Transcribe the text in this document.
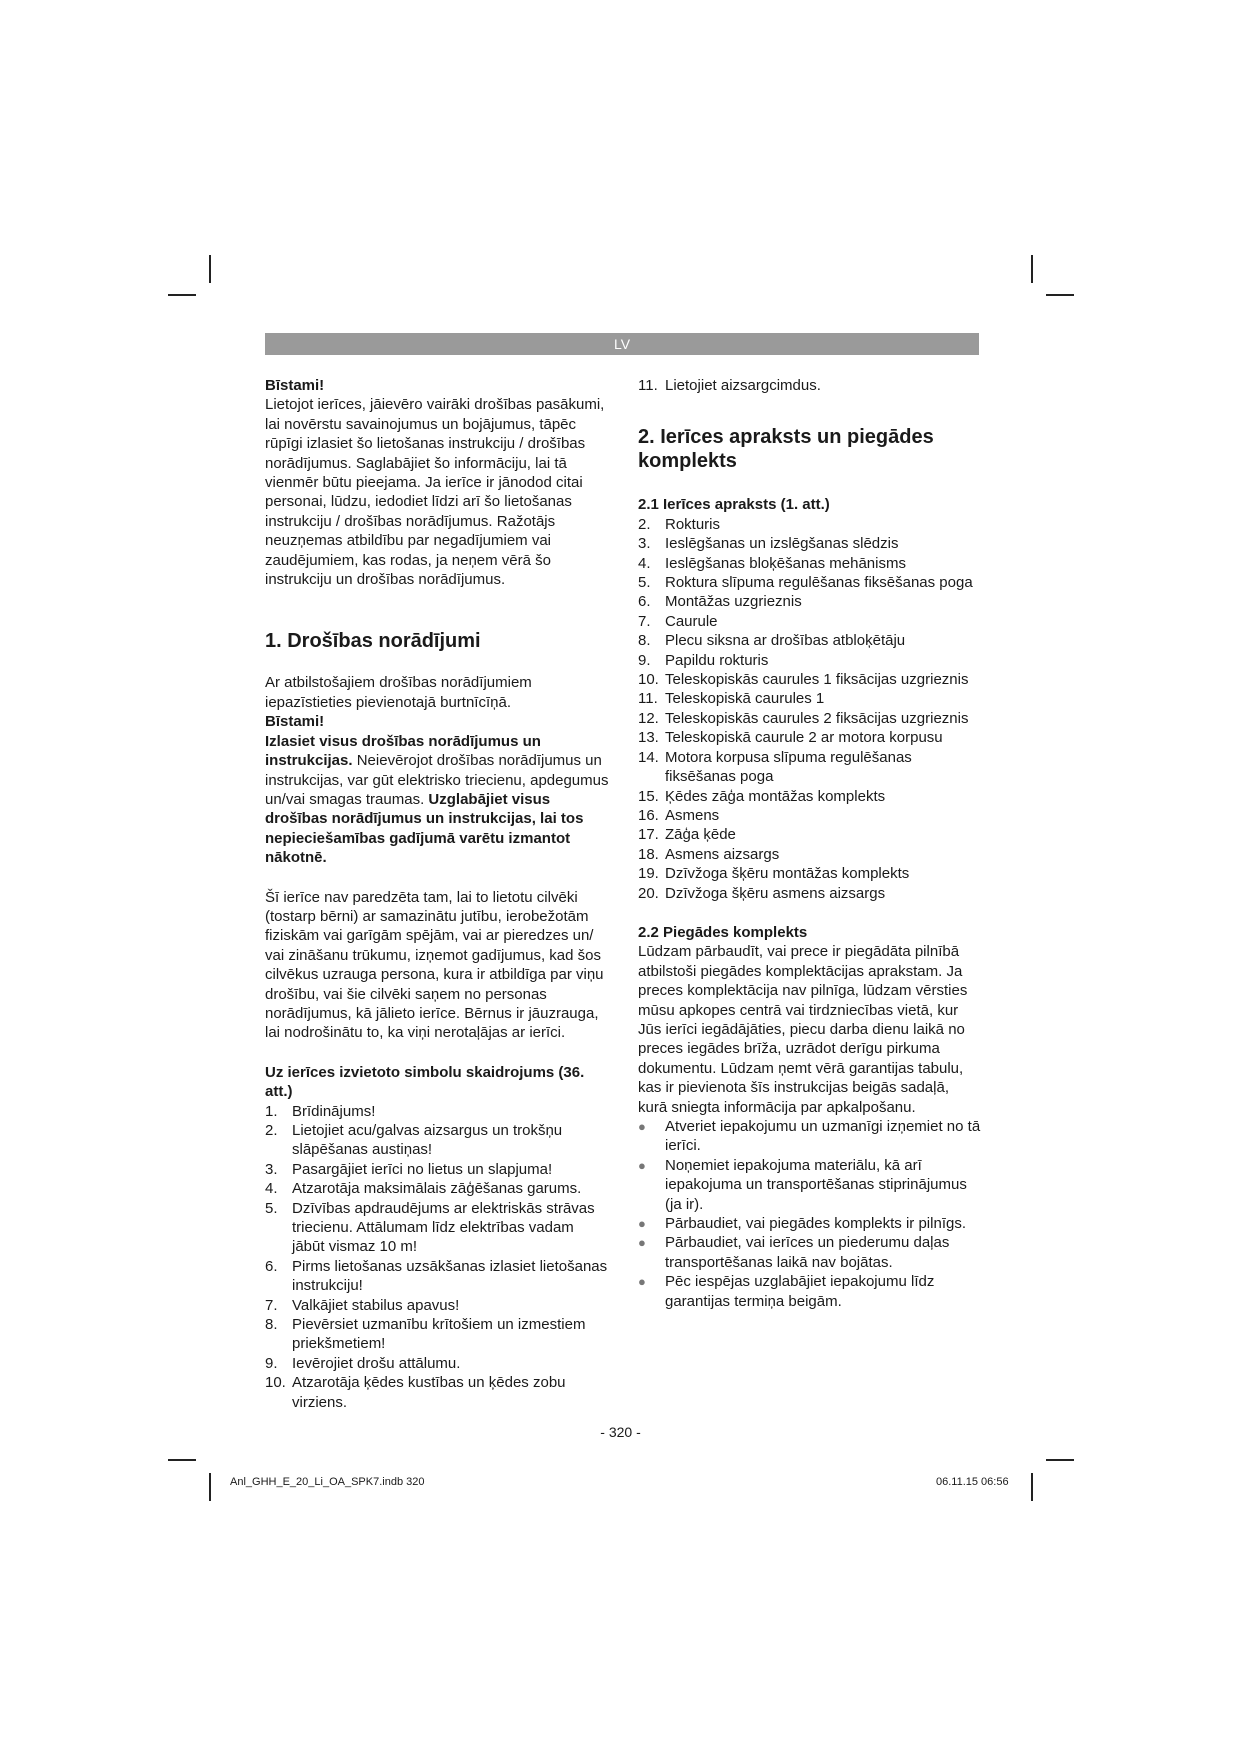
LV

Bīstami!

Lietojot ierīces, jāievēro vairāki drošības pasākumi, lai novērstu savainojumus un bojājumus, tāpēc rūpīgi izlasiet šo lietošanas instrukciju / drošības norādījumus. Saglabājiet šo informāciju, lai tā vienmēr būtu pieejama. Ja ierīce ir jānodod citai personai, lūdzu, iedodiet līdzi arī šo lietošanas instrukciju / drošības norādījumus. Ražotājs neuzņemas atbildību par negadījumiem vai zaudējumiem, kas rodas, ja neņem vērā šo instrukciju un drošības norādījumus.

1. Drošības norādījumi

Ar atbilstošajiem drošības norādījumiem iepazīstieties pievienotajā burtnīcīņā.

Bīstami!

Izlasiet visus drošības norādījumus un instrukcijas. Neievērojot drošības norādījumus un instrukcijas, var gūt elektrisko triecienu, apdegumus un/vai smagas traumas. Uzglabājiet visus drošības norādījumus un instrukcijas, lai tos nepieciešamības gadījumā varētu izmantot nākotnē.

Šī ierīce nav paredzēta tam, lai to lietotu cilvēki (tostarp bērni) ar samazinātu jutību, ierobežotām fiziskām vai garīgām spējām, vai ar pieredzes un/ vai zināšanu trūkumu, izņemot gadījumus, kad šos cilvēkus uzrauga persona, kura ir atbildīga par viņu drošību, vai šie cilvēki saņem no personas norādījumus, kā jālieto ierīce. Bērnus ir jāuzrauga, lai nodrošinātu to, ka viņi nerotaļājas ar ierīci.

Uz ierīces izvietoto simbolu skaidrojums (36. att.)

1. Brīdinājums!
2. Lietojiet acu/galvas aizsargus un trokšņu slāpēšanas austiņas!
3. Pasargājiet ierīci no lietus un slapjuma!
4. Atzarotāja maksimālais zāģēšanas garums.
5. Dzīvības apdraudējums ar elektriskās strāvas triecienu. Attālumam līdz elektrības vadam jābūt vismaz 10 m!
6. Pirms lietošanas uzsākšanas izlasiet lietošanas instrukciju!
7. Valkājiet stabilus apavus!
8. Pievērsiet uzmanību krītošiem un izmestiem priekšmetiem!
9. Ievērojiet drošu attālumu.
10. Atzarotāja ķēdes kustības un ķēdes zobu virziens.
11. Lietojiet aizsargcimdus.

2. Ierīces apraksts un piegādes komplekts

2.1 Ierīces apraksts (1. att.)

2. Rokturis
3. Ieslēgšanas un izslēgšanas slēdzis
4. Ieslēgšanas bloķēšanas mehānisms
5. Roktura slīpuma regulēšanas fiksēšanas poga
6. Montāžas uzgrieznis
7. Caurule
8. Plecu siksna ar drošības atbloķētāju
9. Papildu rokturis
10. Teleskopiskās caurules 1 fiksācijas uzgrieznis
11. Teleskopiskā caurules 1
12. Teleskopiskās caurules 2 fiksācijas uzgrieznis
13. Teleskopiskā caurule 2 ar motora korpusu
14. Motora korpusa slīpuma regulēšanas fiksēšanas poga
15. Ķēdes zāģa montāžas komplekts
16. Asmens
17. Zāģa ķēde
18. Asmens aizsargs
19. Dzīvžoga šķēru montāžas komplekts
20. Dzīvžoga šķēru asmens aizsargs

2.2 Piegādes komplekts

Lūdzam pārbaudīt, vai prece ir piegādāta pilnībā atbilstoši piegādes komplektācijas aprakstam. Ja preces komplektācija nav pilnīga, lūdzam vērsties mūsu apkopes centrā vai tirdzniecības vietā, kur Jūs ierīci iegādājāties, piecu darba dienu laikā no preces iegādes brīža, uzrādot derīgu pirkuma dokumentu. Lūdzam ņemt vērā garantijas tabulu, kas ir pievienota šīs instrukcijas beigās sadaļā, kurā sniegta informācija par apkalpošanu.

●	Atveriet iepakojumu un uzmanīgi izņemiet no tā ierīci.
●	Noņemiet iepakojuma materiālu, kā arī iepakojuma un transportēšanas stiprinājumus (ja ir).
●	Pārbaudiet, vai piegādes komplekts ir pilnīgs.
●	Pārbaudiet, vai ierīces un piederumu daļas transportēšanas laikā nav bojātas.
●	Pēc iespējas uzglabājiet iepakojumu līdz garantijas termiņa beigām.
- 320 -
Anl_GHH_E_20_Li_OA_SPK7.indb 320	06.11.15 06:56
